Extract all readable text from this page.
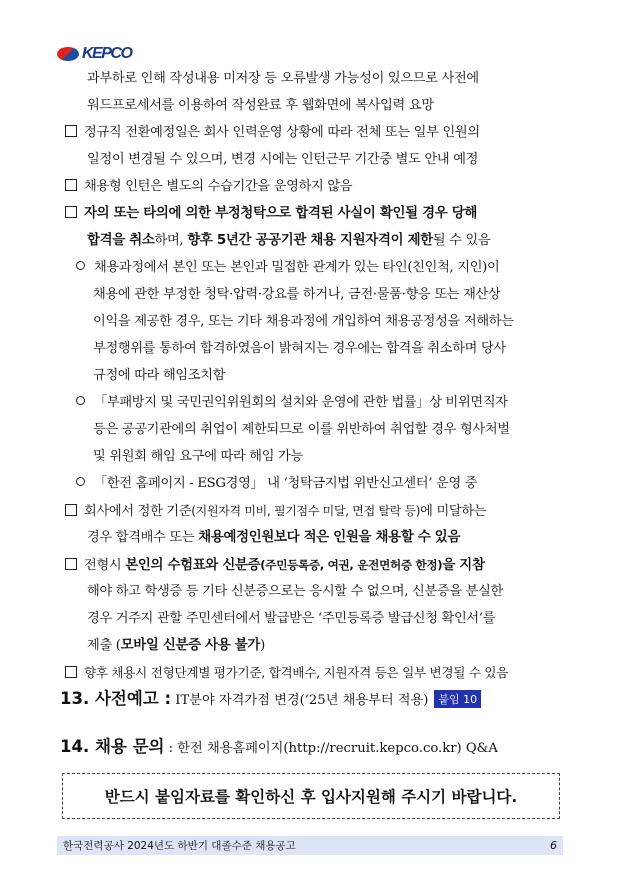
KEPCO
과부하로 인해 작성내용 미저장 등 오류발생 가능성이 있으므로 사전에
워드프로세서를 이용하여 작성완료 후 웹화면에 복사입력 요망
정규직 전환예정일은 회사 인력운영 상황에 따라 전체 또는 일부 인원의
일정이 변경될 수 있으며, 변경 시에는 인턴근무 기간중 별도 안내 예정
채용형 인턴은 별도의 수습기간을 운영하지 않음
자의 또는 타의에 의한 부정청탁으로 합격된 사실이 확인될 경우 당해
합격을 취소하며, 향후 5년간 공공기관 채용 지원자격이 제한될 수 있음
채용과정에서 본인 또는 본인과 밀접한 관계가 있는 타인(친인척, 지인)이
채용에 관한 부정한 청탁·압력·강요를 하거나, 금전·물품·향응 또는 재산상
이익을 제공한 경우, 또는 기타 채용과정에 개입하여 채용공정성을 저해하는
부정행위를 통하여 합격하였음이 밝혀지는 경우에는 합격을 취소하며 당사
규정에 따라 해임조치함
「부패방지 및 국민권익위원회의 설치와 운영에 관한 법률」상 비위면직자
등은 공공기관에의 취업이 제한되므로 이를 위반하여 취업할 경우 형사처벌
및 위원회 해임 요구에 따라 해임 가능
「한전 홈페이지 - ESG경영」 내 ‘청탁금지법 위반신고센터’ 운영 중
회사에서 정한 기준(지원자격 미비, 필기점수 미달, 면접 탈락 등)에 미달하는
경우 합격배수 또는 채용예정인원보다 적은 인원을 채용할 수 있음
전형시 본인의 수험표와 신분증(주민등록증, 여권, 운전면허증 한정)을 지참
해야 하고 학생증 등 기타 신분증으로는 응시할 수 없으며, 신분증을 분실한
경우 거주지 관할 주민센터에서 발급받은 ‘주민등록증 발급신청 확인서’를
제출 (모바일 신분증 사용 불가)
향후 채용시 전형단계별 평가기준, 합격배수, 지원자격 등은 일부 변경될 수 있음
13. 사전예고 : IT분야 자격가점 변경(’25년 채용부터 적용) 붙임 10
14. 채용 문의 : 한전 채용홈페이지(http://recruit.kepco.co.kr) Q&A
반드시 붙임자료를 확인하신 후 입사지원해 주시기 바랍니다.
한국전력공사 2024년도 하반기 대졸수준 채용공고	6
